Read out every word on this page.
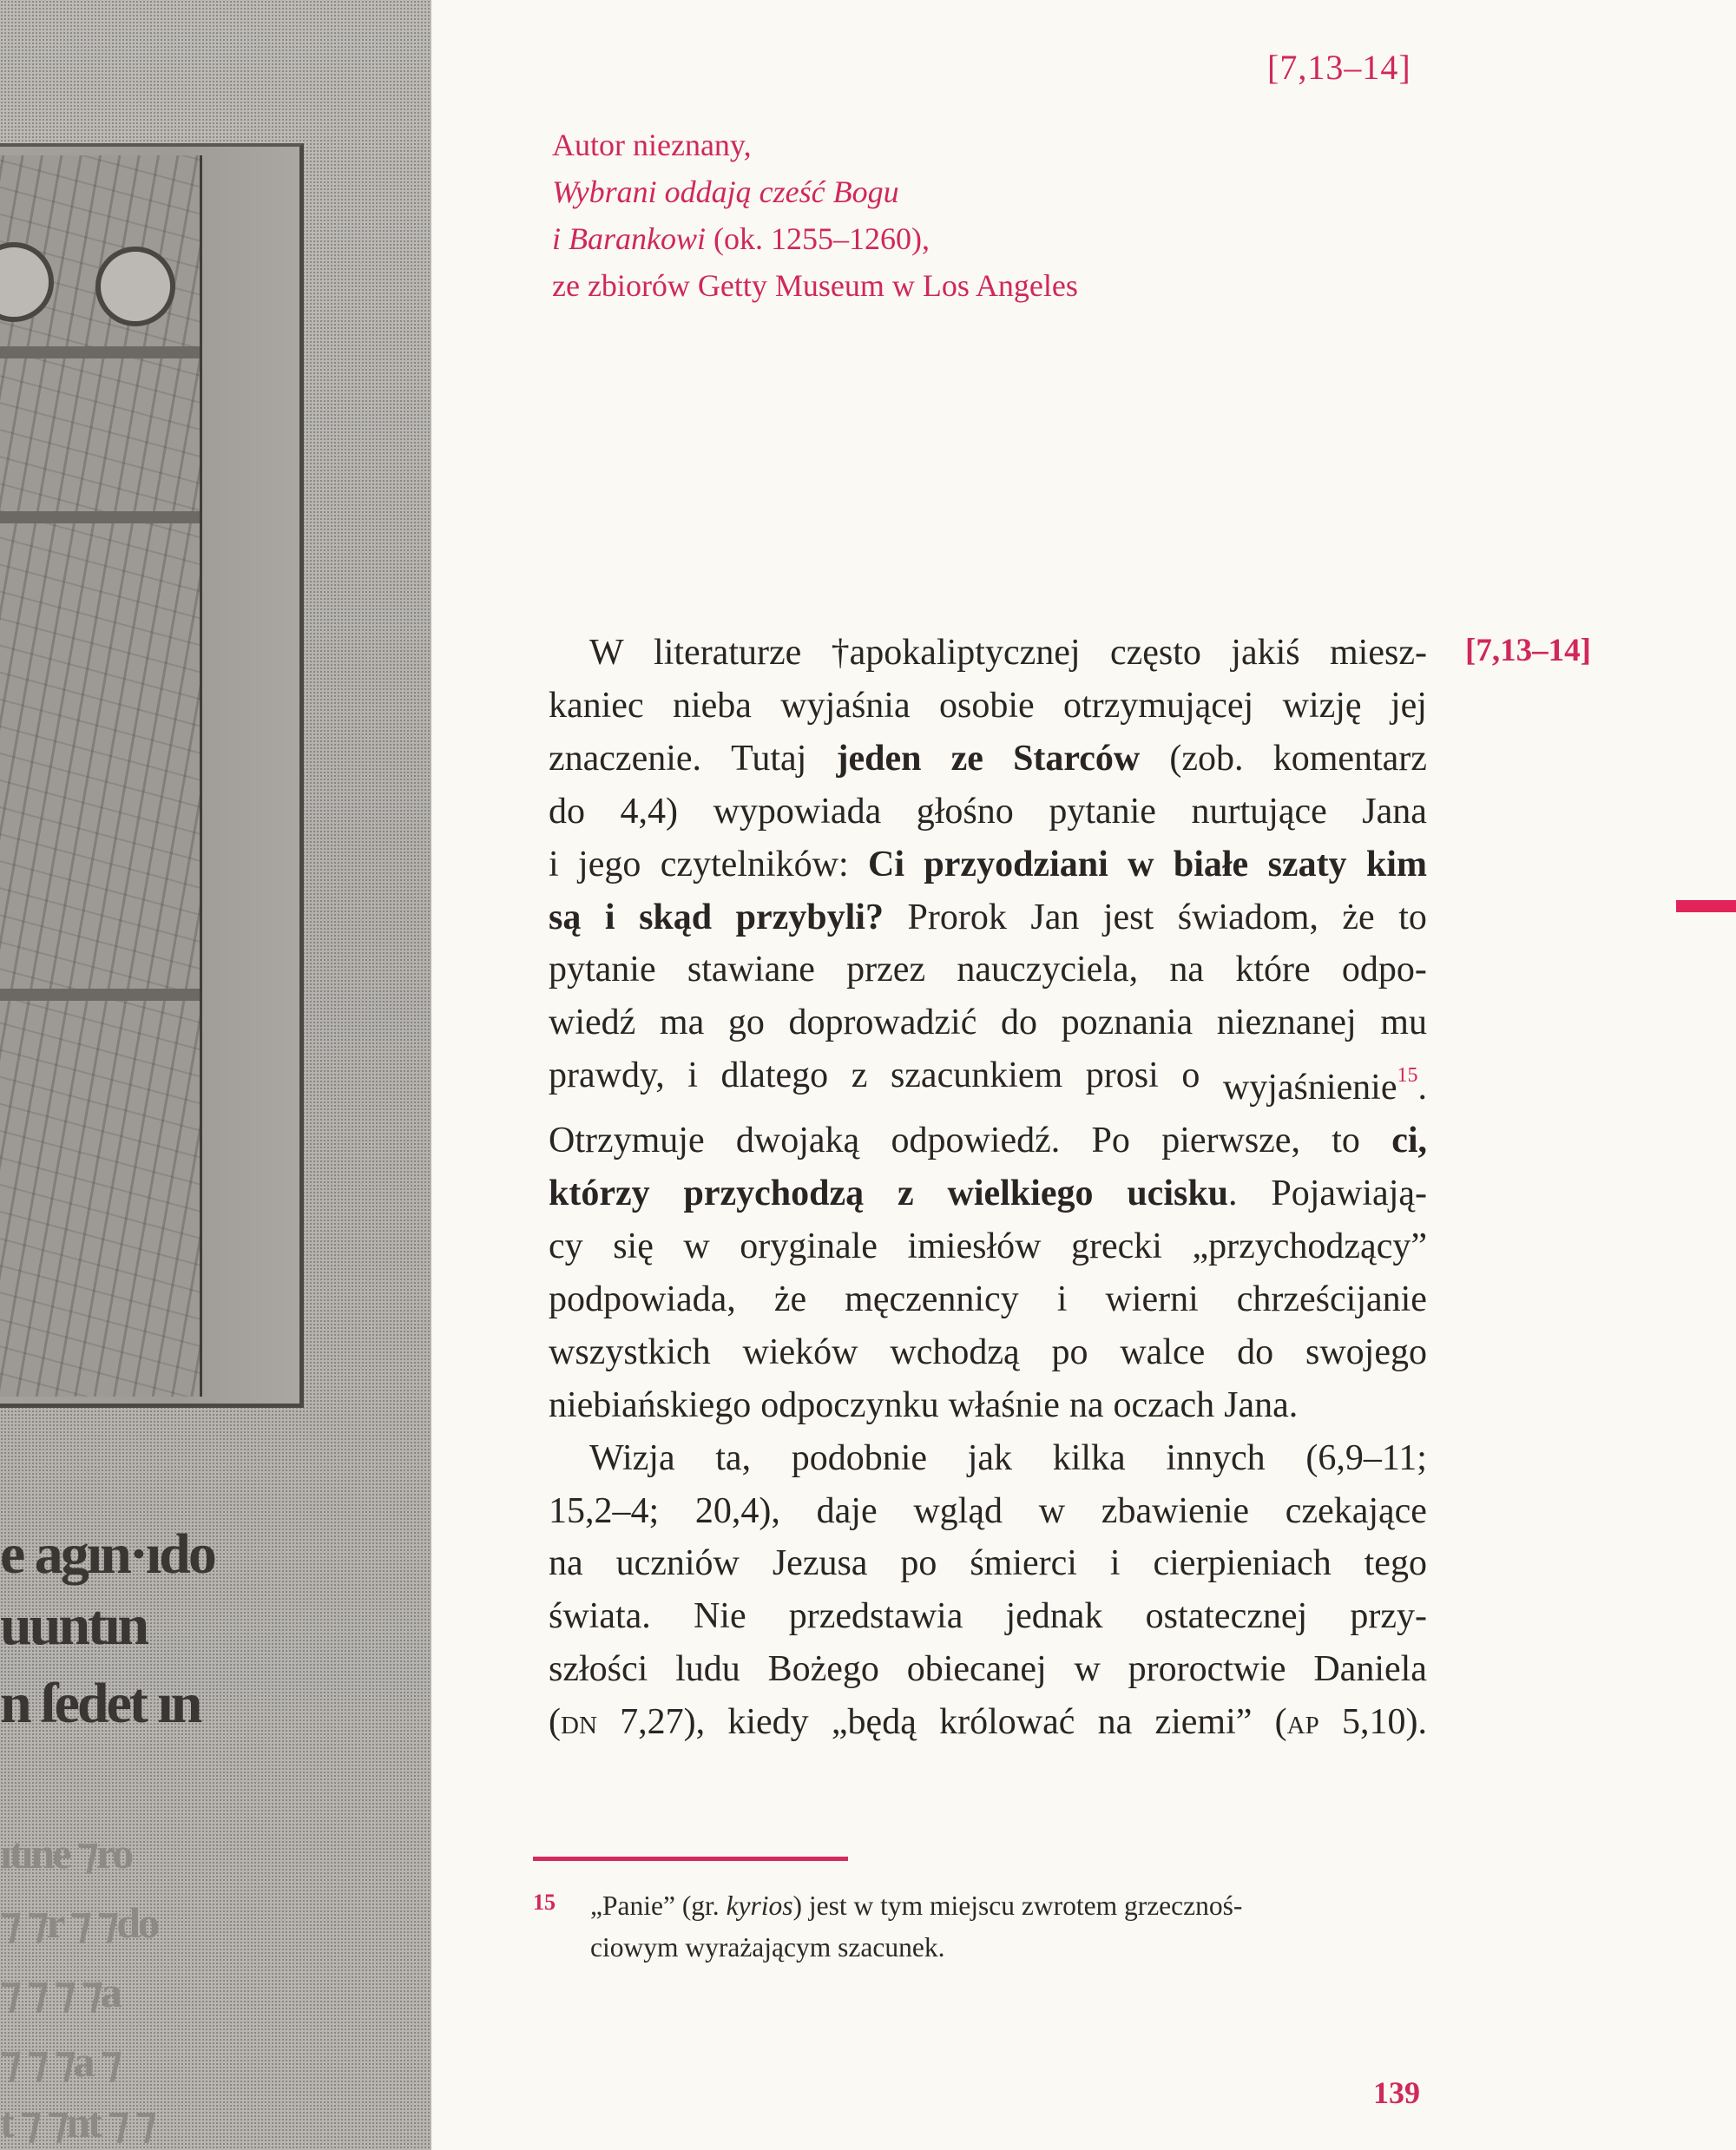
e agın·ıdo
uuntın
n ſedet ın
ıtıne ⁊ro
⁊ ⁊r ⁊ ⁊do
⁊ ⁊ ⁊ ⁊a
⁊ ⁊ ⁊a ⁊
t ⁊ ⁊nt ⁊ ⁊
[7,13–14]
Autor nieznany,
Wybrani oddają cześć Bogu
i Barankowi (ok. 1255–1260),
ze zbiorów Getty Museum w Los Angeles
[7,13–14]
W literaturze †apokaliptycznej często jakiś miesz-
kaniec nieba wyjaśnia osobie otrzymującej wizję jej
znaczenie. Tutaj jeden ze Starców (zob. komentarz
do 4,4) wypowiada głośno pytanie nurtujące Jana
i jego czytelników: Ci przyodziani w białe szaty kim
są i skąd przybyli? Prorok Jan jest świadom, że to
pytanie stawiane przez nauczyciela, na które odpo-
wiedź ma go doprowadzić do poznania nieznanej mu
prawdy, i dlatego z szacunkiem prosi o wyjaśnienie$^{15}$.
Otrzymuje dwojaką odpowiedź. Po pierwsze, to ci,
którzy przychodzą z wielkiego ucisku. Pojawiają-
cy się w oryginale imiesłów grecki „przychodzący”
podpowiada, że męczennicy i wierni chrześcijanie
wszystkich wieków wchodzą po walce do swojego
niebiańskiego odpoczynku właśnie na oczach Jana.
Wizja ta, podobnie jak kilka innych (6,9–11;
15,2–4; 20,4), daje wgląd w zbawienie czekające
na uczniów Jezusa po śmierci i cierpieniach tego
świata. Nie przedstawia jednak ostatecznej przy-
szłości ludu Bożego obiecanej w proroctwie Daniela
(dn 7,27), kiedy „będą królować na ziemi” (ap 5,10).
15 „Panie” (gr. kyrios) jest w tym miejscu zwrotem grzecznoś-
ciowym wyrażającym szacunek.
139
